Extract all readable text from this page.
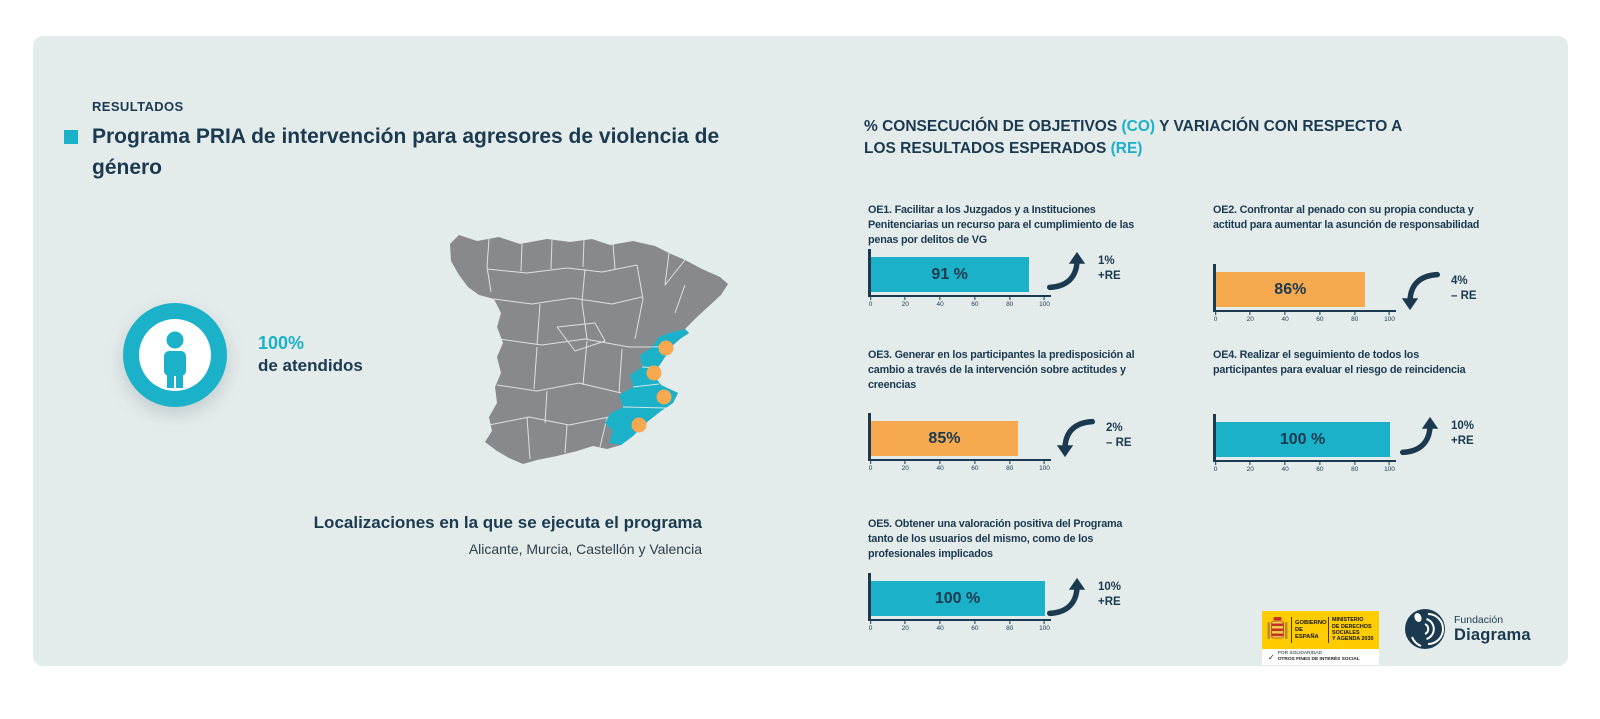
RESULTADOS
Programa PRIA de intervención para agresores de violencia de género
100%
de atendidos
Localizaciones en la que se ejecuta el programa
Alicante, Murcia, Castellón y Valencia

% CONSECUCIÓN DE OBJETIVOS (CO) Y VARIACIÓN CON RESPECTO A LOS RESULTADOS ESPERADOS (RE)

OE1. Facilitar a los Juzgados y a Instituciones Penitenciarias un recurso para el cumplimiento de las penas por delitos de VG

91 %
0	20	40	60	80	100
1%
+RE

OE2. Confrontar al penado con su propia conducta y actitud para aumentar la asunción de responsabilidad

86%
0	20	40	60	80	100
4%
– RE

OE3. Generar en los participantes la predisposición al cambio a través de la intervención sobre actitudes y creencias

85%
0	20	40	60	80	100
2%
– RE

OE4. Realizar el seguimiento de todos los participantes para evaluar el riesgo de reincidencia

100 %
0	20	40	60	80	100
10%
+RE

OE5. Obtener una valoración positiva del Programa tanto de los usuarios del mismo, como de los profesionales implicados

100 %
0	20	40	60	80	100
10%
+RE
GOBIERNO
DE ESPAÑA
MINISTERIO
DE DERECHOS SOCIALES
Y AGENDA 2030
✓ POR SOLIDARIDAD
OTROS FINES DE INTERÉS SOCIAL
Fundación
Diagrama
